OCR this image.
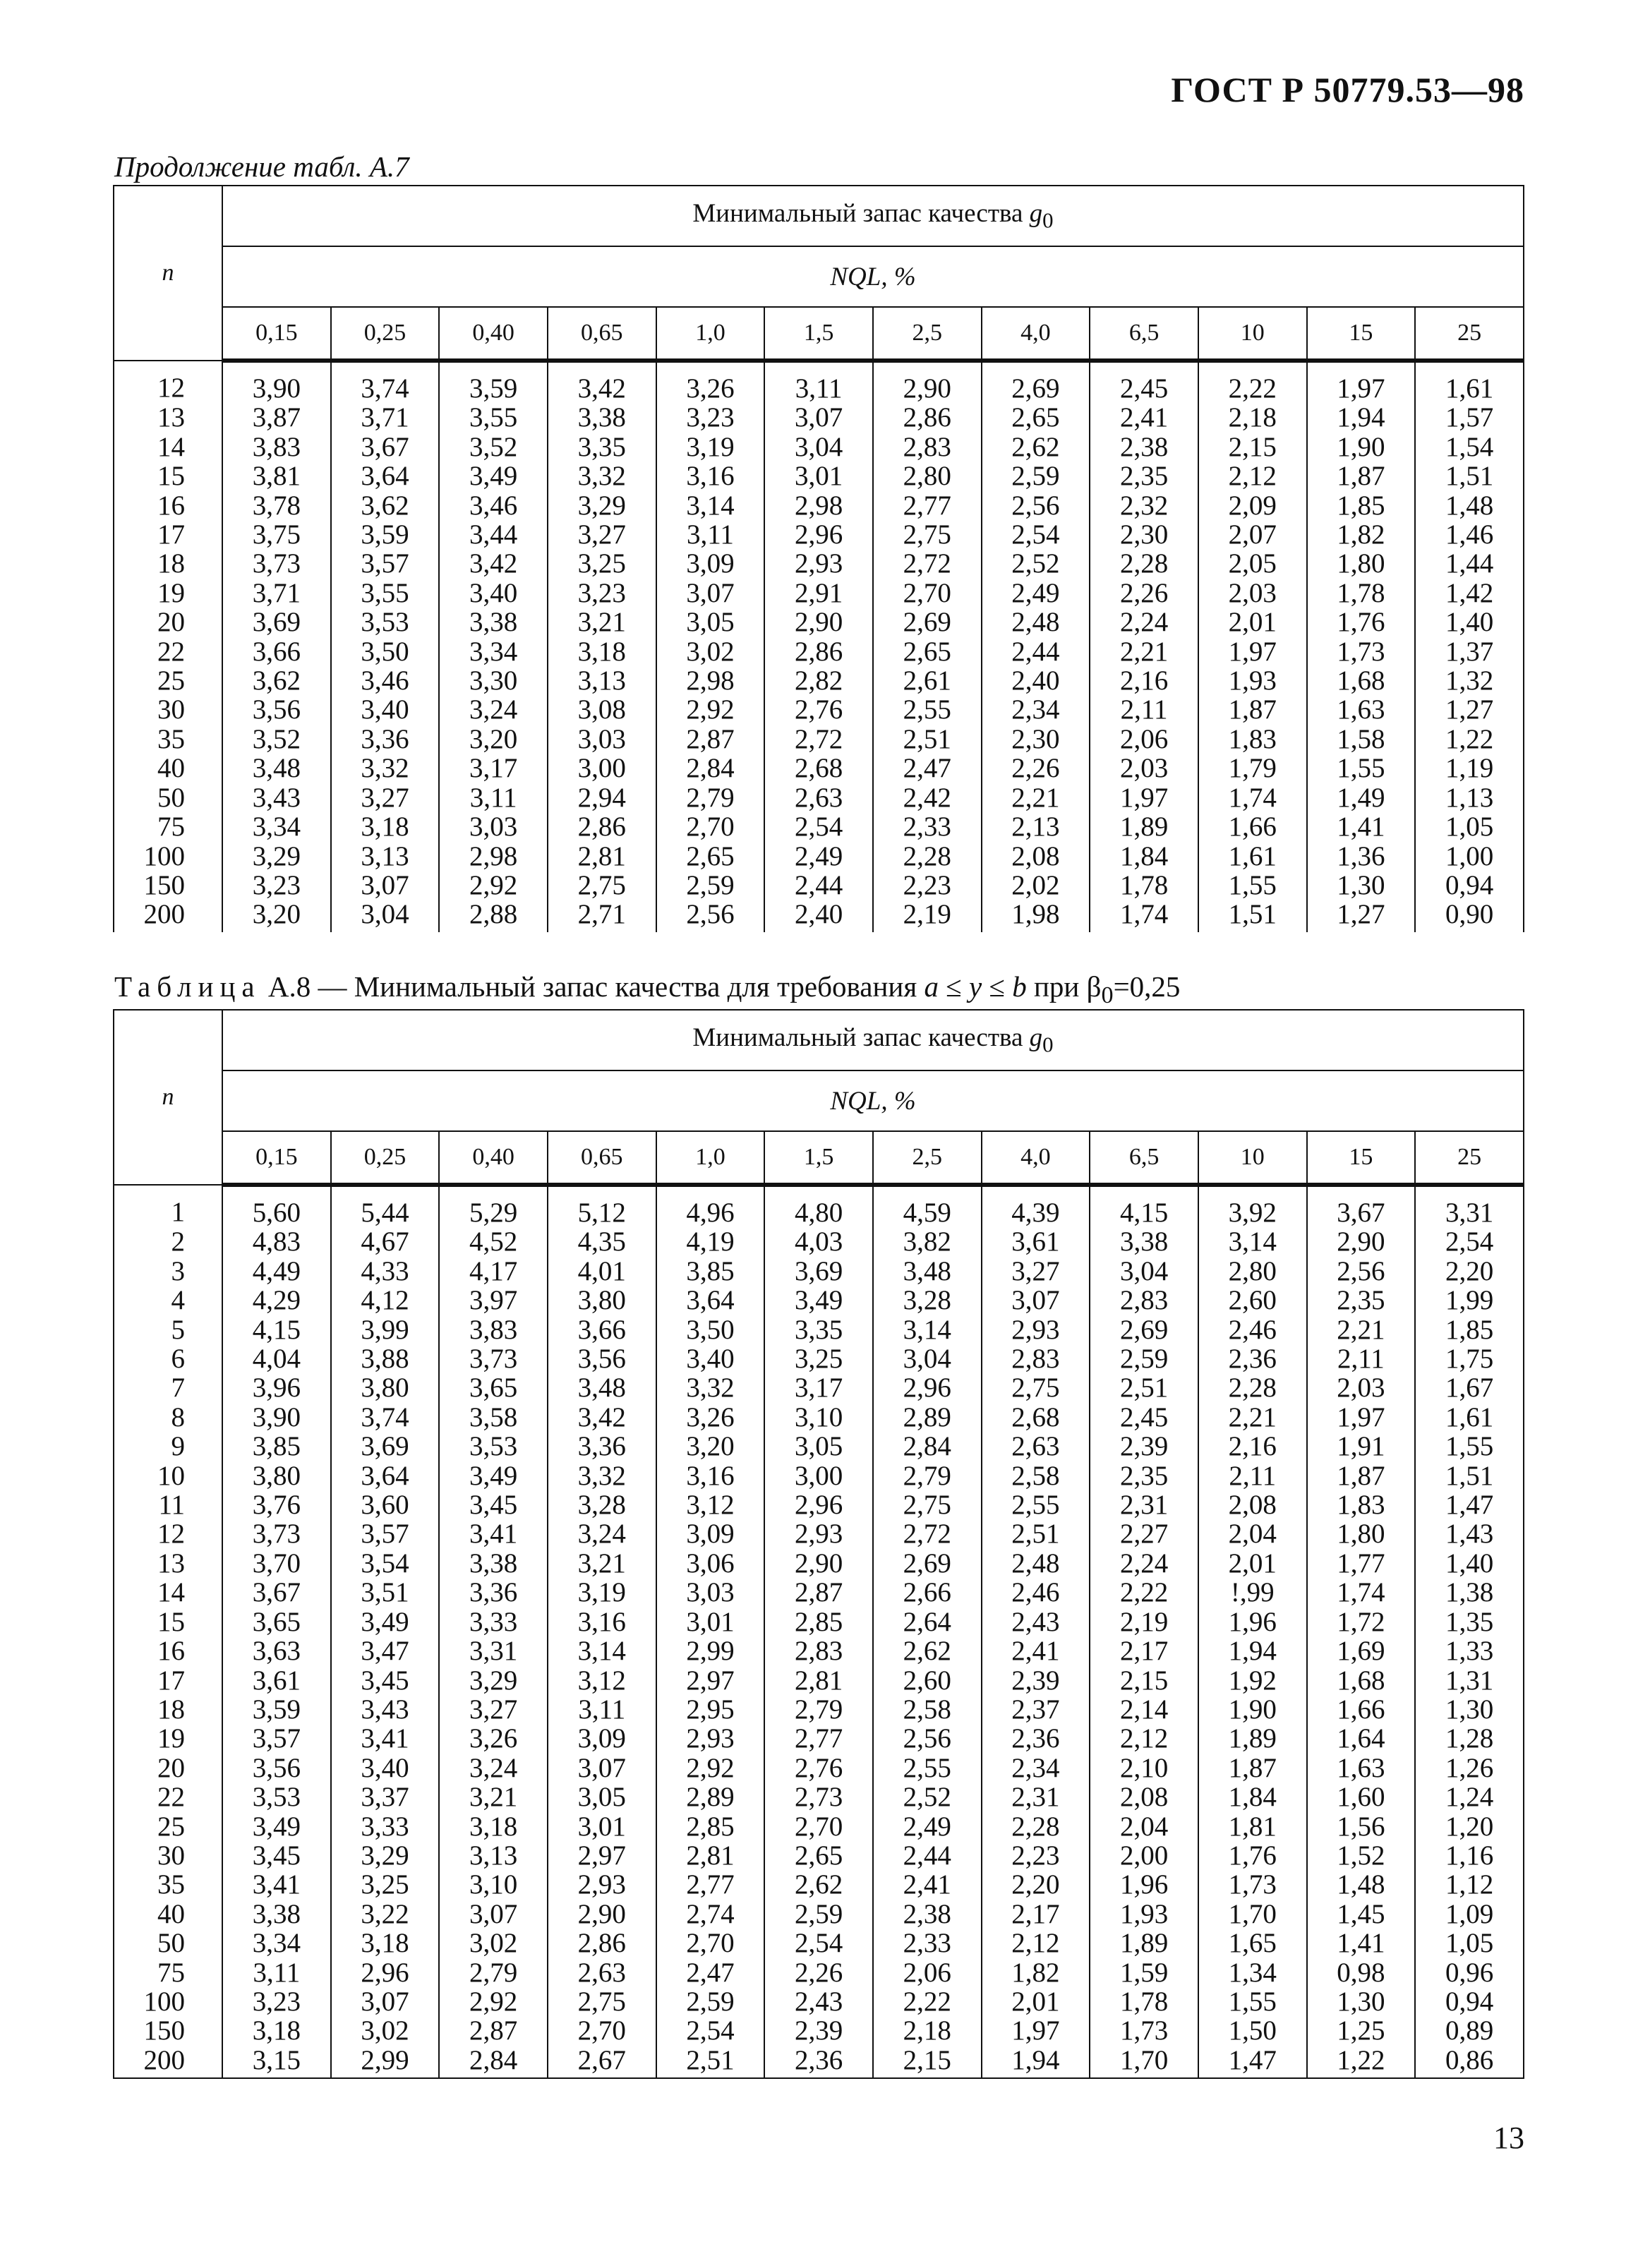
ГОСТ Р 50779.53—98
Продолжение табл. А.7
n	Минимальный запас качества $g_0$
	NQL, %											
	0,15	0,25	0,40	0,65	1,0	1,5	2,5	4,0	6,5	10	15	25
12	3,90	3,74	3,59	3,42	3,26	3,11	2,90	2,69	2,45	2,22	1,97	1,61
13	3,87	3,71	3,55	3,38	3,23	3,07	2,86	2,65	2,41	2,18	1,94	1,57
14	3,83	3,67	3,52	3,35	3,19	3,04	2,83	2,62	2,38	2,15	1,90	1,54
15	3,81	3,64	3,49	3,32	3,16	3,01	2,80	2,59	2,35	2,12	1,87	1,51
16	3,78	3,62	3,46	3,29	3,14	2,98	2,77	2,56	2,32	2,09	1,85	1,48
17	3,75	3,59	3,44	3,27	3,11	2,96	2,75	2,54	2,30	2,07	1,82	1,46
18	3,73	3,57	3,42	3,25	3,09	2,93	2,72	2,52	2,28	2,05	1,80	1,44
19	3,71	3,55	3,40	3,23	3,07	2,91	2,70	2,49	2,26	2,03	1,78	1,42
20	3,69	3,53	3,38	3,21	3,05	2,90	2,69	2,48	2,24	2,01	1,76	1,40
22	3,66	3,50	3,34	3,18	3,02	2,86	2,65	2,44	2,21	1,97	1,73	1,37
25	3,62	3,46	3,30	3,13	2,98	2,82	2,61	2,40	2,16	1,93	1,68	1,32
30	3,56	3,40	3,24	3,08	2,92	2,76	2,55	2,34	2,11	1,87	1,63	1,27
35	3,52	3,36	3,20	3,03	2,87	2,72	2,51	2,30	2,06	1,83	1,58	1,22
40	3,48	3,32	3,17	3,00	2,84	2,68	2,47	2,26	2,03	1,79	1,55	1,19
50	3,43	3,27	3,11	2,94	2,79	2,63	2,42	2,21	1,97	1,74	1,49	1,13
75	3,34	3,18	3,03	2,86	2,70	2,54	2,33	2,13	1,89	1,66	1,41	1,05
100	3,29	3,13	2,98	2,81	2,65	2,49	2,28	2,08	1,84	1,61	1,36	1,00
150	3,23	3,07	2,92	2,75	2,59	2,44	2,23	2,02	1,78	1,55	1,30	0,94
200	3,20	3,04	2,88	2,71	2,56	2,40	2,19	1,98	1,74	1,51	1,27	0,90
Таблица А.8 — Минимальный запас качества для требования a ≤ y ≤ b при $\beta_0=0,25$
n	Минимальный запас качества $g_0$
	NQL, %											
	0,15	0,25	0,40	0,65	1,0	1,5	2,5	4,0	6,5	10	15	25
1	5,60	5,44	5,29	5,12	4,96	4,80	4,59	4,39	4,15	3,92	3,67	3,31
2	4,83	4,67	4,52	4,35	4,19	4,03	3,82	3,61	3,38	3,14	2,90	2,54
3	4,49	4,33	4,17	4,01	3,85	3,69	3,48	3,27	3,04	2,80	2,56	2,20
4	4,29	4,12	3,97	3,80	3,64	3,49	3,28	3,07	2,83	2,60	2,35	1,99
5	4,15	3,99	3,83	3,66	3,50	3,35	3,14	2,93	2,69	2,46	2,21	1,85
6	4,04	3,88	3,73	3,56	3,40	3,25	3,04	2,83	2,59	2,36	2,11	1,75
7	3,96	3,80	3,65	3,48	3,32	3,17	2,96	2,75	2,51	2,28	2,03	1,67
8	3,90	3,74	3,58	3,42	3,26	3,10	2,89	2,68	2,45	2,21	1,97	1,61
9	3,85	3,69	3,53	3,36	3,20	3,05	2,84	2,63	2,39	2,16	1,91	1,55
10	3,80	3,64	3,49	3,32	3,16	3,00	2,79	2,58	2,35	2,11	1,87	1,51
11	3,76	3,60	3,45	3,28	3,12	2,96	2,75	2,55	2,31	2,08	1,83	1,47
12	3,73	3,57	3,41	3,24	3,09	2,93	2,72	2,51	2,27	2,04	1,80	1,43
13	3,70	3,54	3,38	3,21	3,06	2,90	2,69	2,48	2,24	2,01	1,77	1,40
14	3,67	3,51	3,36	3,19	3,03	2,87	2,66	2,46	2,22	!,99	1,74	1,38
15	3,65	3,49	3,33	3,16	3,01	2,85	2,64	2,43	2,19	1,96	1,72	1,35
16	3,63	3,47	3,31	3,14	2,99	2,83	2,62	2,41	2,17	1,94	1,69	1,33
17	3,61	3,45	3,29	3,12	2,97	2,81	2,60	2,39	2,15	1,92	1,68	1,31
18	3,59	3,43	3,27	3,11	2,95	2,79	2,58	2,37	2,14	1,90	1,66	1,30
19	3,57	3,41	3,26	3,09	2,93	2,77	2,56	2,36	2,12	1,89	1,64	1,28
20	3,56	3,40	3,24	3,07	2,92	2,76	2,55	2,34	2,10	1,87	1,63	1,26
22	3,53	3,37	3,21	3,05	2,89	2,73	2,52	2,31	2,08	1,84	1,60	1,24
25	3,49	3,33	3,18	3,01	2,85	2,70	2,49	2,28	2,04	1,81	1,56	1,20
30	3,45	3,29	3,13	2,97	2,81	2,65	2,44	2,23	2,00	1,76	1,52	1,16
35	3,41	3,25	3,10	2,93	2,77	2,62	2,41	2,20	1,96	1,73	1,48	1,12
40	3,38	3,22	3,07	2,90	2,74	2,59	2,38	2,17	1,93	1,70	1,45	1,09
50	3,34	3,18	3,02	2,86	2,70	2,54	2,33	2,12	1,89	1,65	1,41	1,05
75	3,11	2,96	2,79	2,63	2,47	2,26	2,06	1,82	1,59	1,34	0,98	0,96
100	3,23	3,07	2,92	2,75	2,59	2,43	2,22	2,01	1,78	1,55	1,30	0,94
150	3,18	3,02	2,87	2,70	2,54	2,39	2,18	1,97	1,73	1,50	1,25	0,89
200	3,15	2,99	2,84	2,67	2,51	2,36	2,15	1,94	1,70	1,47	1,22	0,86
13
